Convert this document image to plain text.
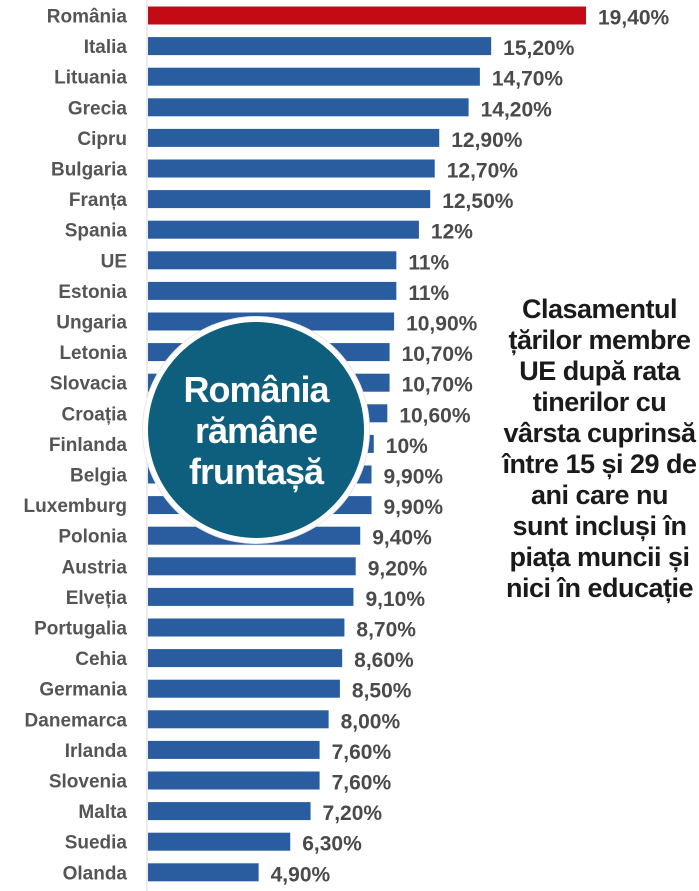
România	19,40%
Italia	15,20%
Lituania	14,70%
Grecia	14,20%
Cipru	12,90%
Bulgaria	12,70%
Franța	12,50%
Spania	12%
UE	11%
Estonia	11%
Ungaria	10,90%
Letonia	10,70%
Slovacia	10,70%
Croația	10,60%
Finlanda	10%
Belgia	9,90%
Luxemburg	9,90%
Polonia	9,40%
Austria	9,20%
Elveția	9,10%
Portugalia	8,70%
Cehia	8,60%
Germania	8,50%
Danemarca	8,00%
Irlanda	7,60%
Slovenia	7,60%
Malta	7,20%
Suedia	6,30%
Olanda	4,90%
România rămâne fruntașă
Clasamentul țărilor membre UE după rata tinerilor cu vârsta cuprinsă între 15 și 29 de ani care nu sunt incluși în piața muncii și nici în educație
